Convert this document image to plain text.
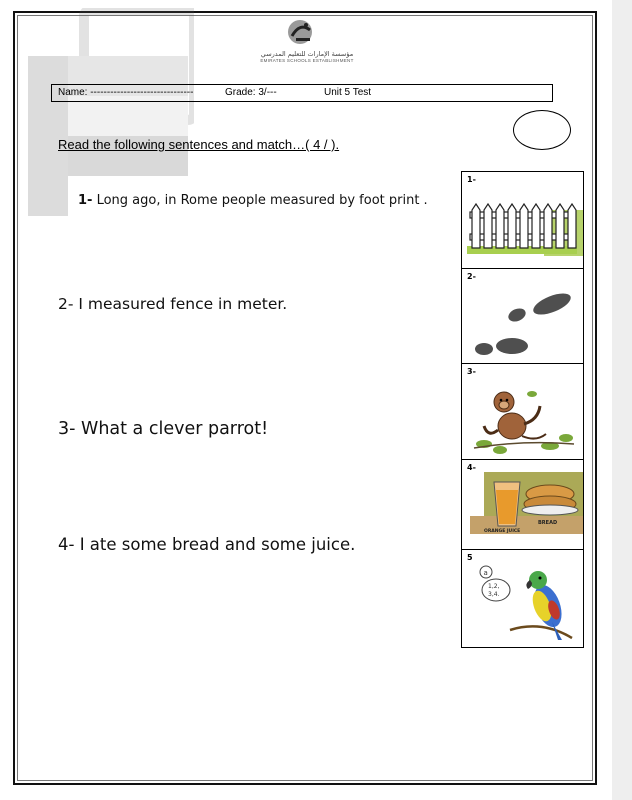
مؤسسة الإمارات للتعليم المدرسي
EMIRATES SCHOOLS ESTABLISHMENT
Name: -------------------------------	Grade: 3/---	Unit 5 Test
Read the following sentences and match…( 4 / ).
1- Long ago, in Rome people measured by foot print .
2- I measured fence in meter.
3- What a clever parrot!
4- I ate some bread and some juice.
1-
2-
3-
BREAD
ORANGE JUICE
4-
a
1,2,
3,4.
5
